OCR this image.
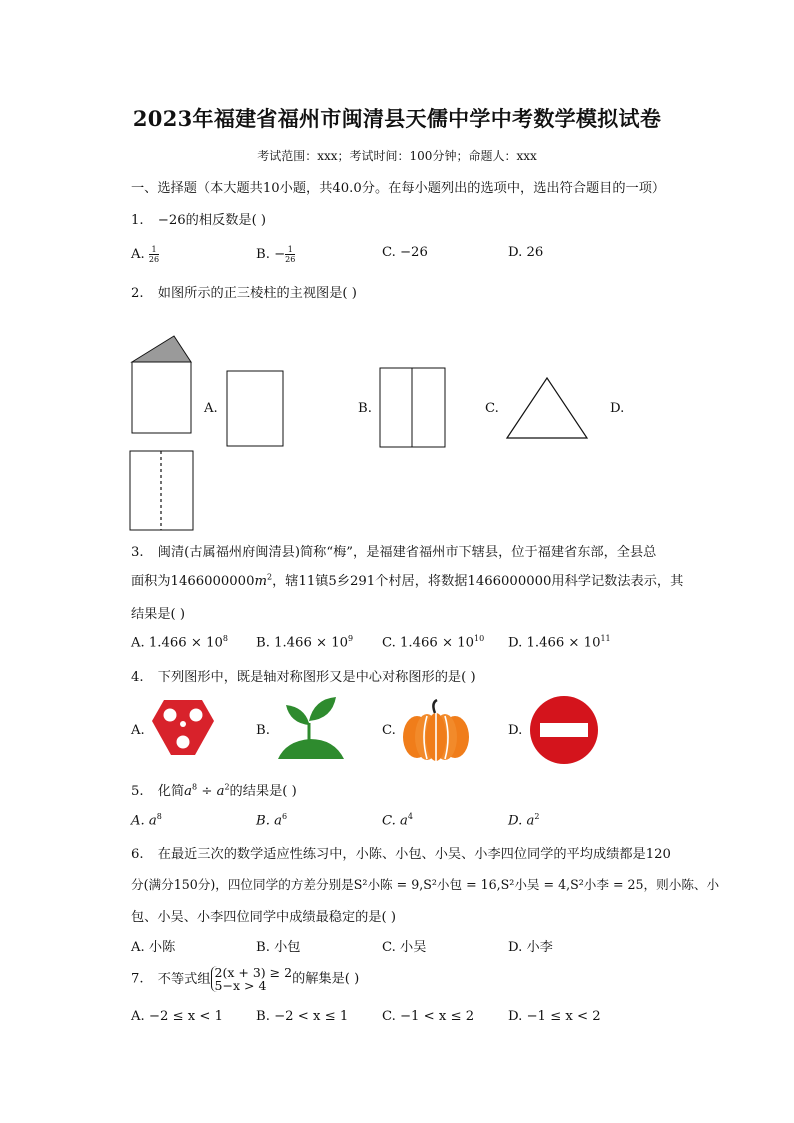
2023年福建省福州市闽清县天儒中学中考数学模拟试卷
考试范围：xxx；考试时间：100分钟；命题人：xxx
一、选择题（本大题共10小题，共40.0分。在每小题列出的选项中，选出符合题目的一项）
1. −26的相反数是( )
A. $\frac{1}{26}$	B. − $\frac{1}{26}$	C. −26	D. 26
2. 如图所示的正三棱柱的主视图是( )
A.	B.	C.	D.
3. 闽清(古属福州府闽清县)简称“梅”，是福建省福州市下辖县，位于福建省东部，全县总
面积为$1466000000m^2$，辖11镇5乡291个村居，将数据1466000000用科学记数法表示，其
结果是( )
A. $1.466 \times 10^8$ B. $1.466 \times 10^9$ C. $1.466 \times 10^{10}$ D. $1.466 \times 10^{11}$
4. 下列图形中，既是轴对称图形又是中心对称图形的是( )
A.	B.	C.	D.
5. 化简$a^8 \div a^2$的结果是( )
A. $a^8$	B. $a^6$	C. $a^4$	D. $a^2$
6. 在最近三次的数学适应性练习中，小陈、小包、小吴、小李四位同学的平均成绩都是120
分(满分150分)，四位同学的方差分别是S²小陈 = 9,S²小包 = 16,S²小吴 = 4,S²小李 = 25，则小陈、小
包、小吴、小李四位同学中成绩最稳定的是( )
A. 小陈	B. 小包	C. 小吴	D. 小李
7. 不等式组 2(x + 3) ≥ 2
5−x > 4	的解集是( )
A. −2 ≤ x < 1 B. −2 < x ≤ 1	C. −1 < x ≤ 2	D. −1 ≤ x < 2
